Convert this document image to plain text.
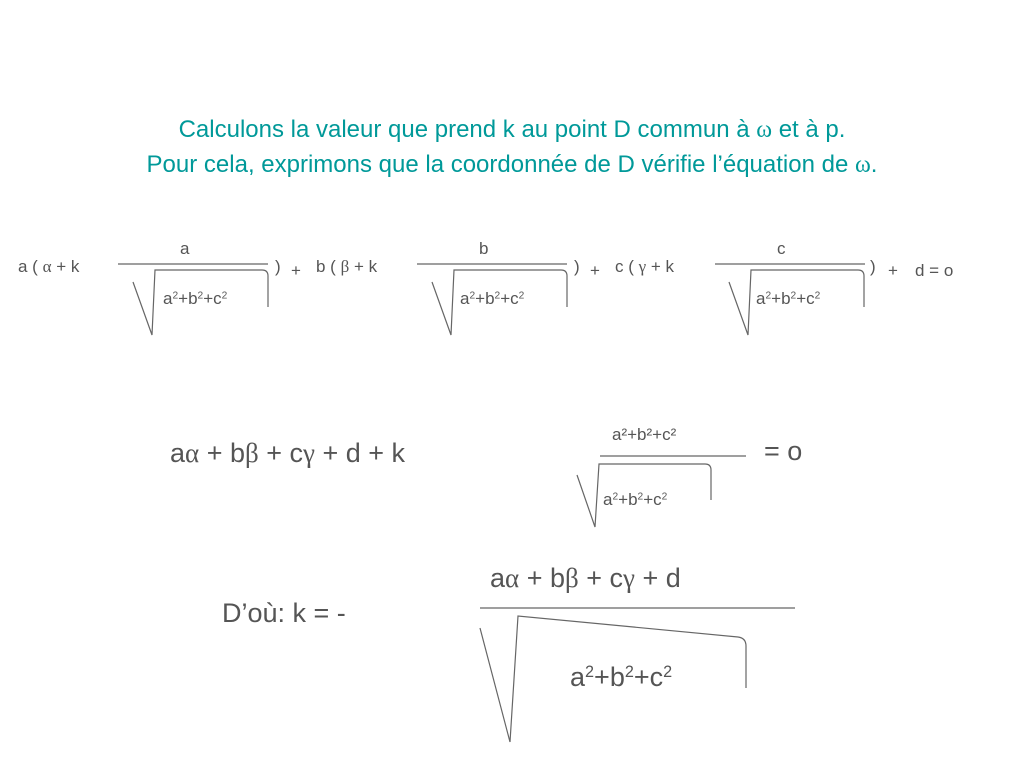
Calculons la valeur que prend k au point D commun à ω et à p.
Pour cela, exprimons que la coordonnée de D vérifie l’équation de ω.
a ( α + k
a
$a^2+b^2+c^2$
) + b ( β + k
b
$a^2+b^2+c^2$
) + c ( γ + k
c
$a^2+b^2+c^2$
) + d = o
aα + bβ + cγ + d + k
a²+b²+c²
$a^2+b^2+c^2$
= o
D’où: k = -
aα + bβ + cγ + d
$a^2+b^2+c^2$
